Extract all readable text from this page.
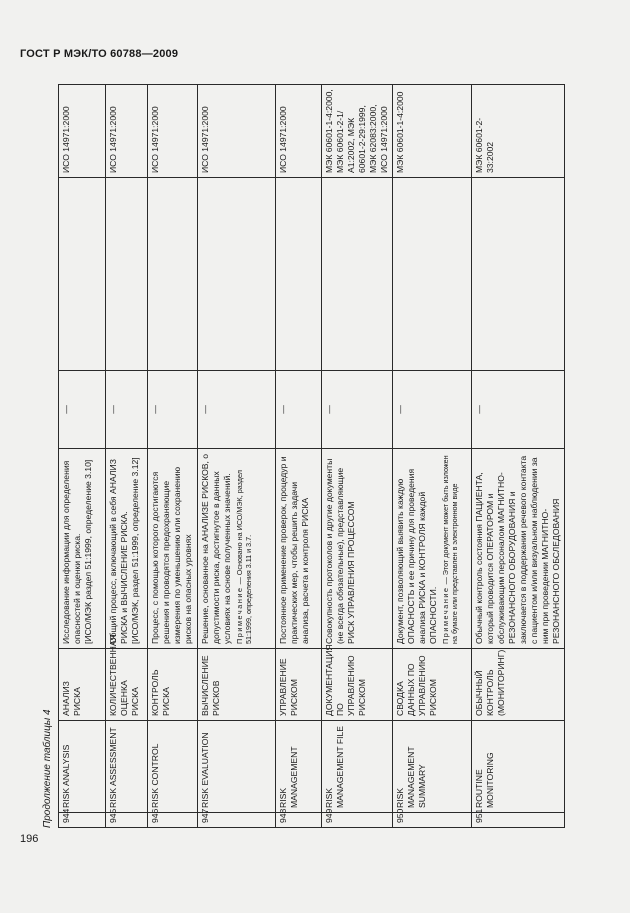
ГОСТ Р МЭК/ТО 60788—2009
Продолжение таблицы 4 944	RISK ANALYSIS	АНАЛИЗ РИСКА	Исследование информации для определения опасностей и оценки риска. [ИСО/МЭК раздел 51:1999, определение 3.10]	—		ИСО 14971:2000
945	RISK ASSESSMENT	КОЛИЧЕСТВЕННАЯ ОЦЕНКА РИСКА	Общий процесс, включающий в себя АНАЛИЗ РИСКА и ВЫЧИСЛЕНИЕ РИСКА. [ИСО/МЭК, раздел 51:1999, определение 3.12]	—		ИСО 14971:2000
946	RISK CONTROL	КОНТРОЛЬ РИСКА	Процесс, с помощью которого достигаются решения и проводятся предохраняющие измерения по уменьшению или сохранению рисков на опасных уровнях	—		ИСО 14971:2000
947	RISK EVALUATION	ВЫЧИСЛЕНИЕ РИСКОВ	Решение, основанное на АНАЛИЗЕ РИСКОВ, о допустимости риска, достигнутое в данных условиях на основе полученных значений. Примечание — Основано на ИСО/МЭК, раздел 51:1999, определения 3.11 и 3.7.	—		ИСО 14971:2000
948	RISK MANAGEMENT	УПРАВЛЕНИЕ РИСКОМ	Постоянное применение проверок, процедур и практических мер, чтобы решить задачи анализа, расчета и контроля РИСКА	—		ИСО 14971:2000
949	RISK MANAGEMENT FILE	ДОКУМЕНТАЦИЯ ПО УПРАВЛЕНИЮ РИСКОМ	Совокупность протоколов и другие документы (не всегда обязательные), представляющие РИСК УПРАВЛЕНИЯ ПРОЦЕССОМ	—		МЭК 60601-1-4:2000, МЭК 60601-2-1/А1:2002, МЭК 60601-2-29:1999, МЭК 62083:2000, ИСО 14971:2000
950	RISK MANAGEMENT SUMMARY	СВОДКА ДАННЫХ ПО УПРАВЛЕНИЮ РИСКОМ	Документ, позволяющий выявить каждую ОПАСНОСТЬ и ее причину для проведения анализа РИСКА и КОНТРОЛЯ каждой ОПАСНОСТИ. Примечание — Этот документ может быть изложен на бумаге или представлен в электронном виде	—		МЭК 60601-1-4:2000
951	ROUTINE MONITORING	ОБЫЧНЫЙ КОНТРОЛЬ (МОНИТОРИНГ)	Обычный контроль состояния ПАЦИЕНТА, который проводится ОПЕРАТОРОМ и обслуживающим персоналом МАГНИТНО-РЕЗОНАНСНОГО ОБОРУДОВАНИЯ и заключается в поддержании речевого контакта с пациентом и/или визуальном наблюдении за ним при проведении МАГНИТНО-РЕЗОНАНСНОГО ОБСЛЕДОВАНИЯ	—		МЭК 60601-2-33:2002
196
